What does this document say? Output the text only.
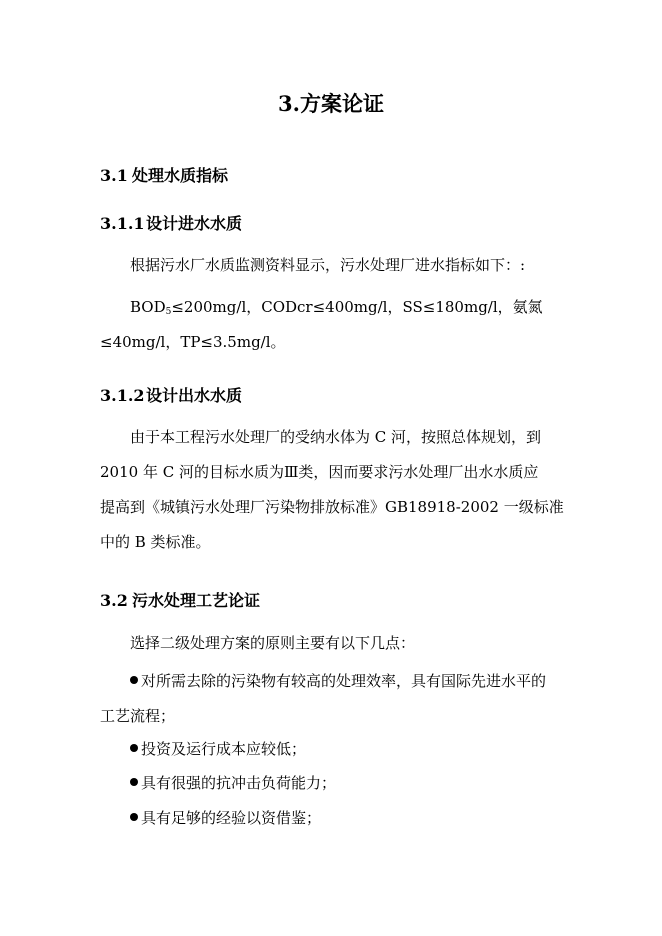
3.方案论证
3.1 处理水质指标
3.1.1设计进水水质
根据污水厂水质监测资料显示，污水处理厂进水指标如下：:
$BOD_5\le 200mg/l$，CODcr≤400mg/l，SS≤180mg/l，氨氮
≤40mg/l，TP≤3.5mg/l。
3.1.2设计出水水质
由于本工程污水处理厂的受纳水体为 C 河，按照总体规划，到
2010 年 C 河的目标水质为Ⅲ类，因而要求污水处理厂出水水质应
提高到《城镇污水处理厂污染物排放标准》GB18918-2002 一级标准
中的 B 类标准。
3.2 污水处理工艺论证
选择二级处理方案的原则主要有以下几点：
对所需去除的污染物有较高的处理效率，具有国际先进水平的
工艺流程；
投资及运行成本应较低；
具有很强的抗冲击负荷能力；
具有足够的经验以资借鉴；
